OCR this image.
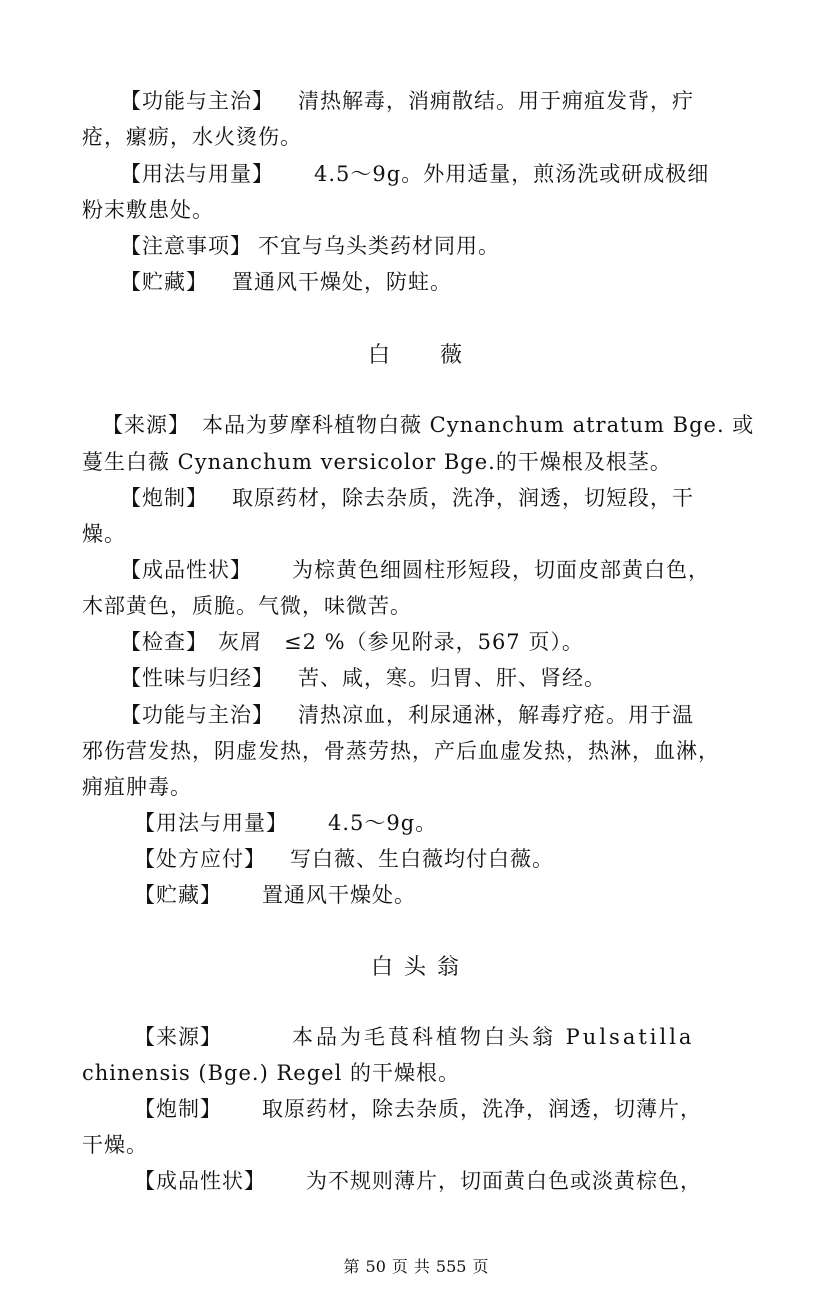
【功能与主治】 清热解毒，消痈散结。用于痈疽发背，疔
疮，瘰疬，水火烫伤。
【用法与用量】 4.5～9g。外用适量，煎汤洗或研成极细
粉末敷患处。
【注意事项】 不宜与乌头类药材同用。
【贮藏】 置通风干燥处，防蛀。
白　　薇
【来源】 本品为萝摩科植物白薇 Cynanchum atratum Bge. 或
蔓生白薇 Cynanchum versicolor Bge.的干燥根及根茎。
【炮制】 取原药材，除去杂质，洗净，润透，切短段，干
燥。
【成品性状】 为棕黄色细圆柱形短段，切面皮部黄白色，
木部黄色，质脆。气微，味微苦。
【检查】 灰屑　≤2 %（参见附录，567 页）。
【性味与归经】 苦、咸，寒。归胃、肝、肾经。
【功能与主治】 清热凉血，利尿通淋，解毒疗疮。用于温
邪伤营发热，阴虚发热，骨蒸劳热，产后血虚发热，热淋，血淋，
痈疽肿毒。
【用法与用量】 4.5～9g。
【处方应付】 写白薇、生白薇均付白薇。
【贮藏】 置通风干燥处。
白 头 翁
【来源】	本品为毛茛科植物白头翁 Pulsatilla
chinensis (Bge.) Regel 的干燥根。
【炮制】 取原药材，除去杂质，洗净，润透，切薄片，
干燥。
【成品性状】 为不规则薄片，切面黄白色或淡黄棕色，
第 50 页 共 555 页
